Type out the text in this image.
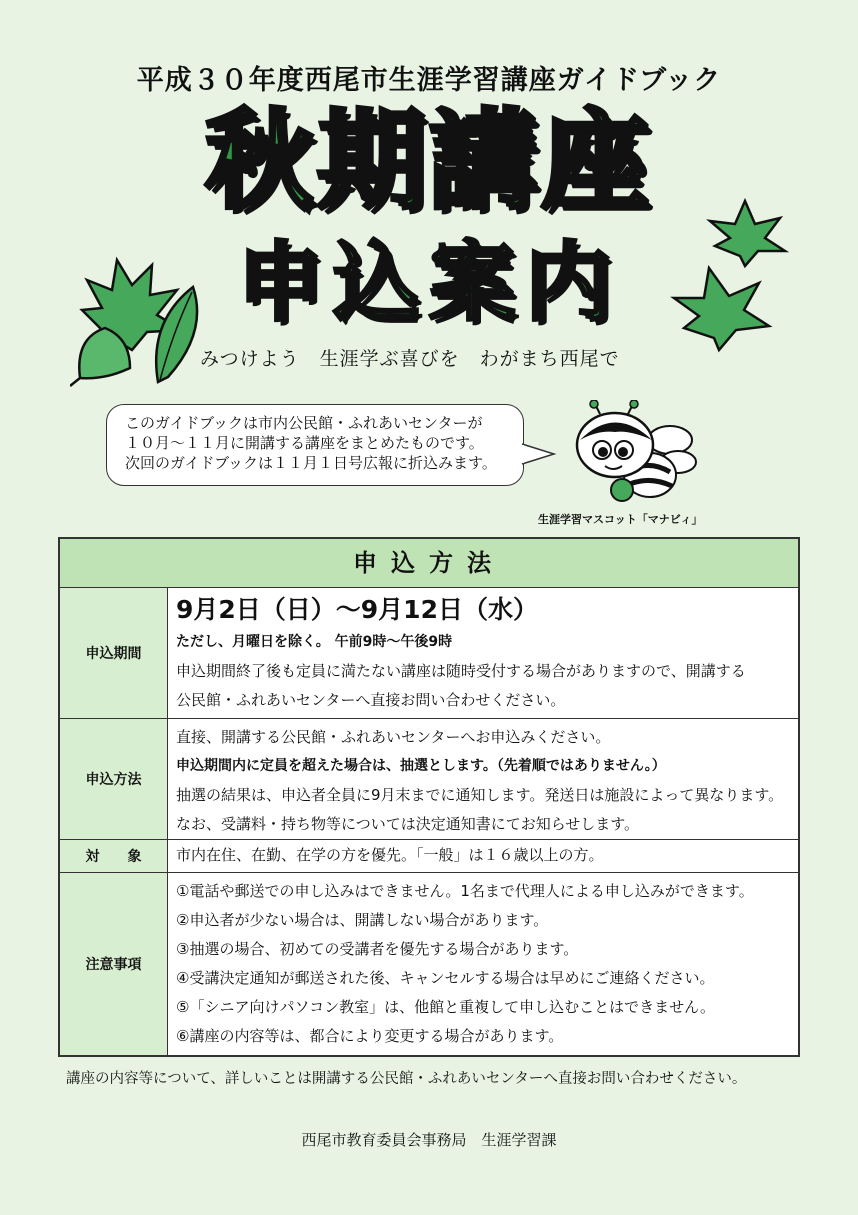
平成３０年度西尾市生涯学習講座ガイドブック
秋期講座
申込案内
みつけよう　生涯学ぶ喜びを　わがまち西尾で
このガイドブックは市内公民館・ふれあいセンターが
１０月～１１月に開講する講座をまとめたものです。
次回のガイドブックは１１月１日号広報に折込みます。
生涯学習マスコット「マナビィ」
申込方法
申込期間
9月2日（日）～9月12日（水）
ただし、月曜日を除く。 午前9時～午後9時
申込期間終了後も定員に満たない講座は随時受付する場合がありますので、開講する
公民館・ふれあいセンターへ直接お問い合わせください。
申込方法
直接、開講する公民館・ふれあいセンターへお申込みください。
申込期間内に定員を超えた場合は、抽選とします。（先着順ではありません。）
抽選の結果は、申込者全員に9月末までに通知します。発送日は施設によって異なります。
なお、受講料・持ち物等については決定通知書にてお知らせします。
対　　象	市内在住、在勤、在学の方を優先。「一般」は１６歳以上の方。
注意事項
①電話や郵送での申し込みはできません。1名まで代理人による申し込みができます。
②申込者が少ない場合は、開講しない場合があります。
③抽選の場合、初めての受講者を優先する場合があります。
④受講決定通知が郵送された後、キャンセルする場合は早めにご連絡ください。
⑤「シニア向けパソコン教室」は、他館と重複して申し込むことはできません。
⑥講座の内容等は、都合により変更する場合があります。
講座の内容等について、詳しいことは開講する公民館・ふれあいセンターへ直接お問い合わせください。
西尾市教育委員会事務局　生涯学習課
